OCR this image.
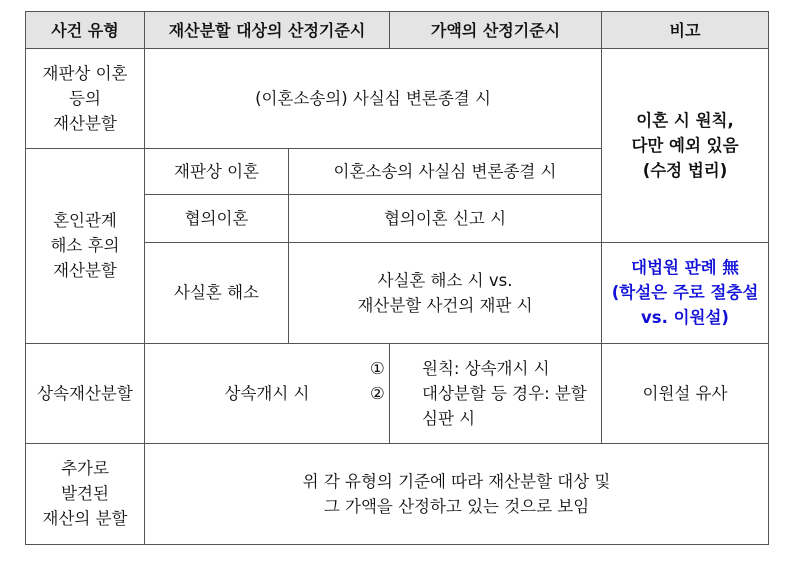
사건 유형	재산분할 대상의 산정기준시		가액의 산정기준시	비고
재판상 이혼
등의
재산분할	(이혼소송의) 사실심 변론종결 시			이혼 시 원칙,
다만 예외 있음
(수정 법리)
혼인관계
해소 후의
재산분할	재판상 이혼	이혼소송의 사실심 변론종결 시		
	협의이혼	협의이혼 신고 시		
	사실혼 해소	사실혼 해소 시 vs.
재산분할 사건의 재판 시		대법원 판례 無
(학설은 주로 절충설
vs. 이원설)
상속재산분할	상속개시 시		① 원칙: 상속개시 시
② 대상분할 등 경우: 분할 심판 시	이원설 유사
추가로
발견된
재산의 분할	위 각 유형의 기준에 따라 재산분할 대상 및
그 가액을 산정하고 있는 것으로 보임			
